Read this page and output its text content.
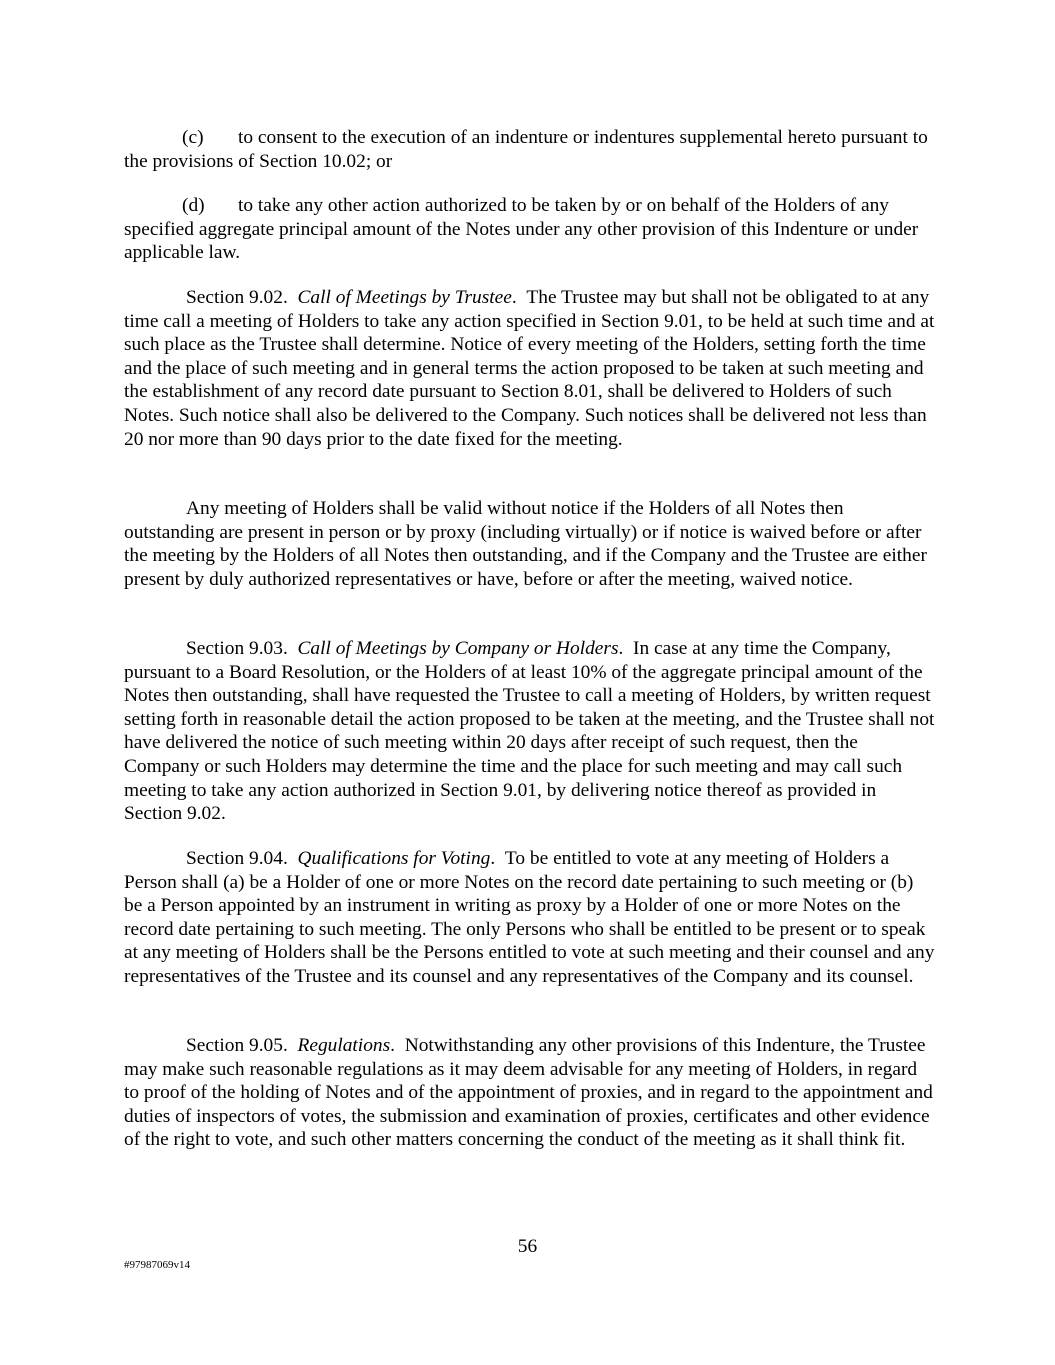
(c) to consent to the execution of an indenture or indentures supplemental hereto pursuant to the provisions of Section 10.02; or

(d) to take any other action authorized to be taken by or on behalf of the Holders of any specified aggregate principal amount of the Notes under any other provision of this Indenture or under applicable law.

Section 9.02. Call of Meetings by Trustee.  The Trustee may but shall not be obligated to at any time call a meeting of Holders to take any action specified in Section 9.01, to be held at such time and at such place as the Trustee shall determine. Notice of every meeting of the Holders, setting forth the time and the place of such meeting and in general terms the action proposed to be taken at such meeting and the establishment of any record date pursuant to Section 8.01, shall be delivered to Holders of such Notes. Such notice shall also be delivered to the Company. Such notices shall be delivered not less than 20 nor more than 90 days prior to the date fixed for the meeting.

Any meeting of Holders shall be valid without notice if the Holders of all Notes then outstanding are present in person or by proxy (including virtually) or if notice is waived before or after the meeting by the Holders of all Notes then outstanding, and if the Company and the Trustee are either present by duly authorized representatives or have, before or after the meeting, waived notice.

Section 9.03. Call of Meetings by Company or Holders.  In case at any time the Company, pursuant to a Board Resolution, or the Holders of at least 10% of the aggregate principal amount of the Notes then outstanding, shall have requested the Trustee to call a meeting of Holders, by written request setting forth in reasonable detail the action proposed to be taken at the meeting, and the Trustee shall not have delivered the notice of such meeting within 20 days after receipt of such request, then the Company or such Holders may determine the time and the place for such meeting and may call such meeting to take any action authorized in Section 9.01, by delivering notice thereof as provided in Section 9.02.

Section 9.04. Qualifications for Voting.  To be entitled to vote at any meeting of Holders a Person shall (a) be a Holder of one or more Notes on the record date pertaining to such meeting or (b) be a Person appointed by an instrument in writing as proxy by a Holder of one or more Notes on the record date pertaining to such meeting. The only Persons who shall be entitled to be present or to speak at any meeting of Holders shall be the Persons entitled to vote at such meeting and their counsel and any representatives of the Trustee and its counsel and any representatives of the Company and its counsel.

Section 9.05. Regulations.  Notwithstanding any other provisions of this Indenture, the Trustee may make such reasonable regulations as it may deem advisable for any meeting of Holders, in regard to proof of the holding of Notes and of the appointment of proxies, and in regard to the appointment and duties of inspectors of votes, the submission and examination of proxies, certificates and other evidence of the right to vote, and such other matters concerning the conduct of the meeting as it shall think fit.

56
#97987069v14
